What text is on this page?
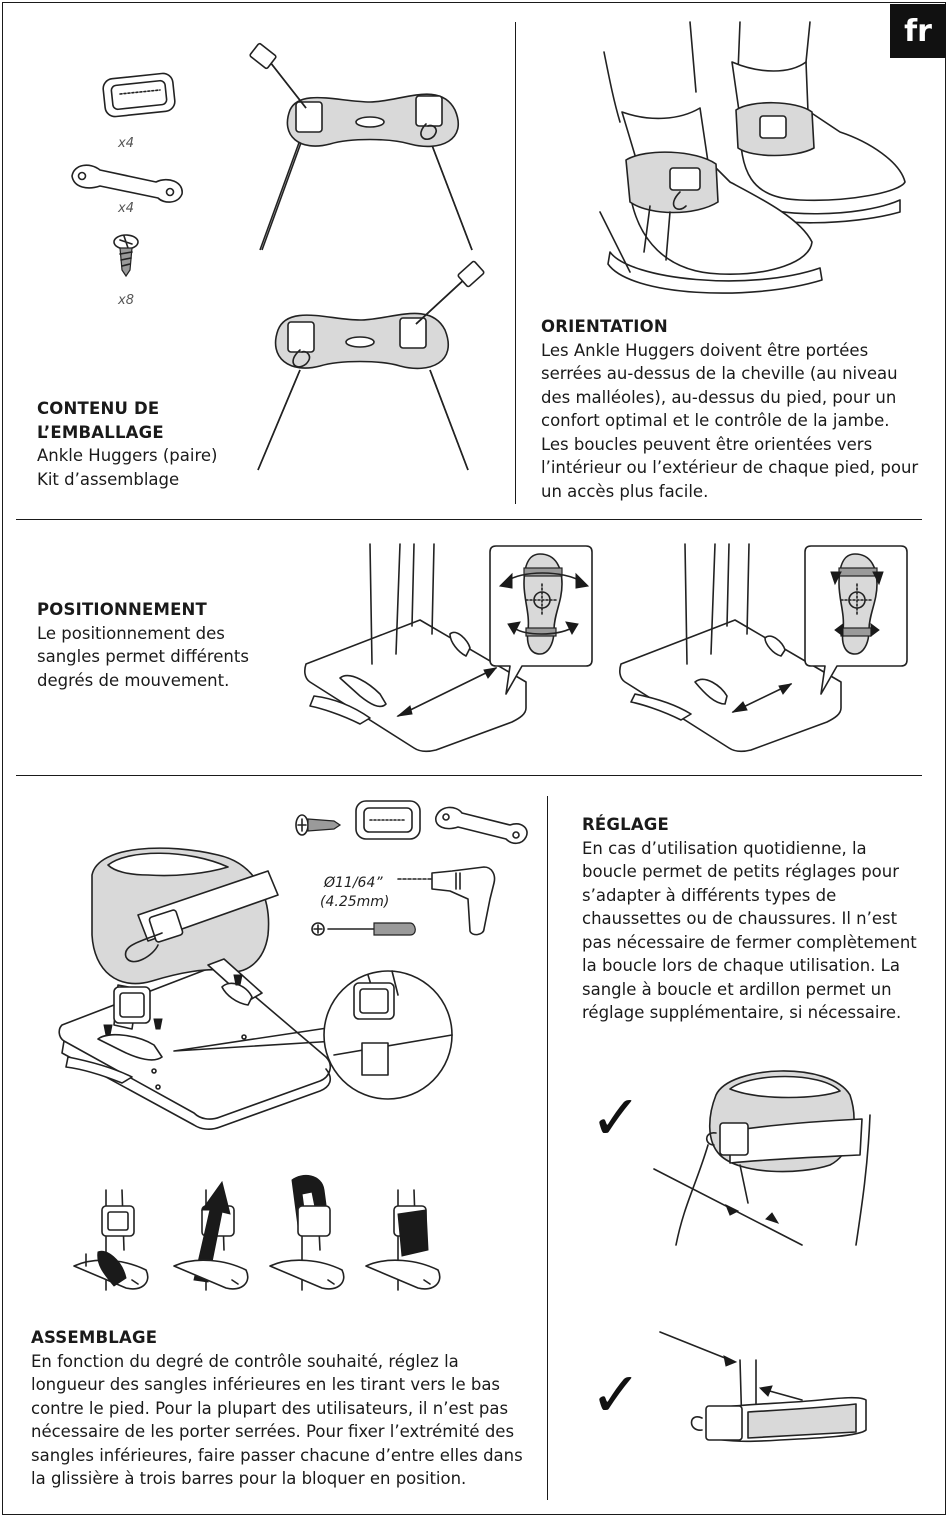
fr
x4
x4
x8
CONTENU DE L’EMBALLAGE

Ankle Huggers (paire)

Kit d’assemblage

ORIENTATION

Les Ankle Huggers doivent être portées serrées au-dessus de la cheville (au niveau des malléoles), au-dessus du pied, pour un confort optimal et le contrôle de la jambe. Les boucles peuvent être orientées vers l’intérieur ou l’extérieur de chaque pied, pour un accès plus facile.

POSITIONNEMENT

Le positionnement des sangles permet différents degrés de mouvement.

Ø11/64”
(4.25mm)
ASSEMBLAGE

En fonction du degré de contrôle souhaité, réglez la longueur des sangles inférieures en les tirant vers le bas contre le pied. Pour la plupart des utilisateurs, il n’est pas nécessaire de les porter serrées. Pour fixer l’extrémité des sangles inférieures, faire passer chacune d’entre elles dans la glissière à trois barres pour la bloquer en position.

RÉGLAGE

En cas d’utilisation quotidienne, la boucle permet de petits réglages pour s’adapter à différents types de chaussettes ou de chaussures. Il n’est pas nécessaire de fermer complètement la boucle lors de chaque utilisation. La sangle à boucle et ardillon permet un réglage supplémentaire, si nécessaire.

✓
✓
